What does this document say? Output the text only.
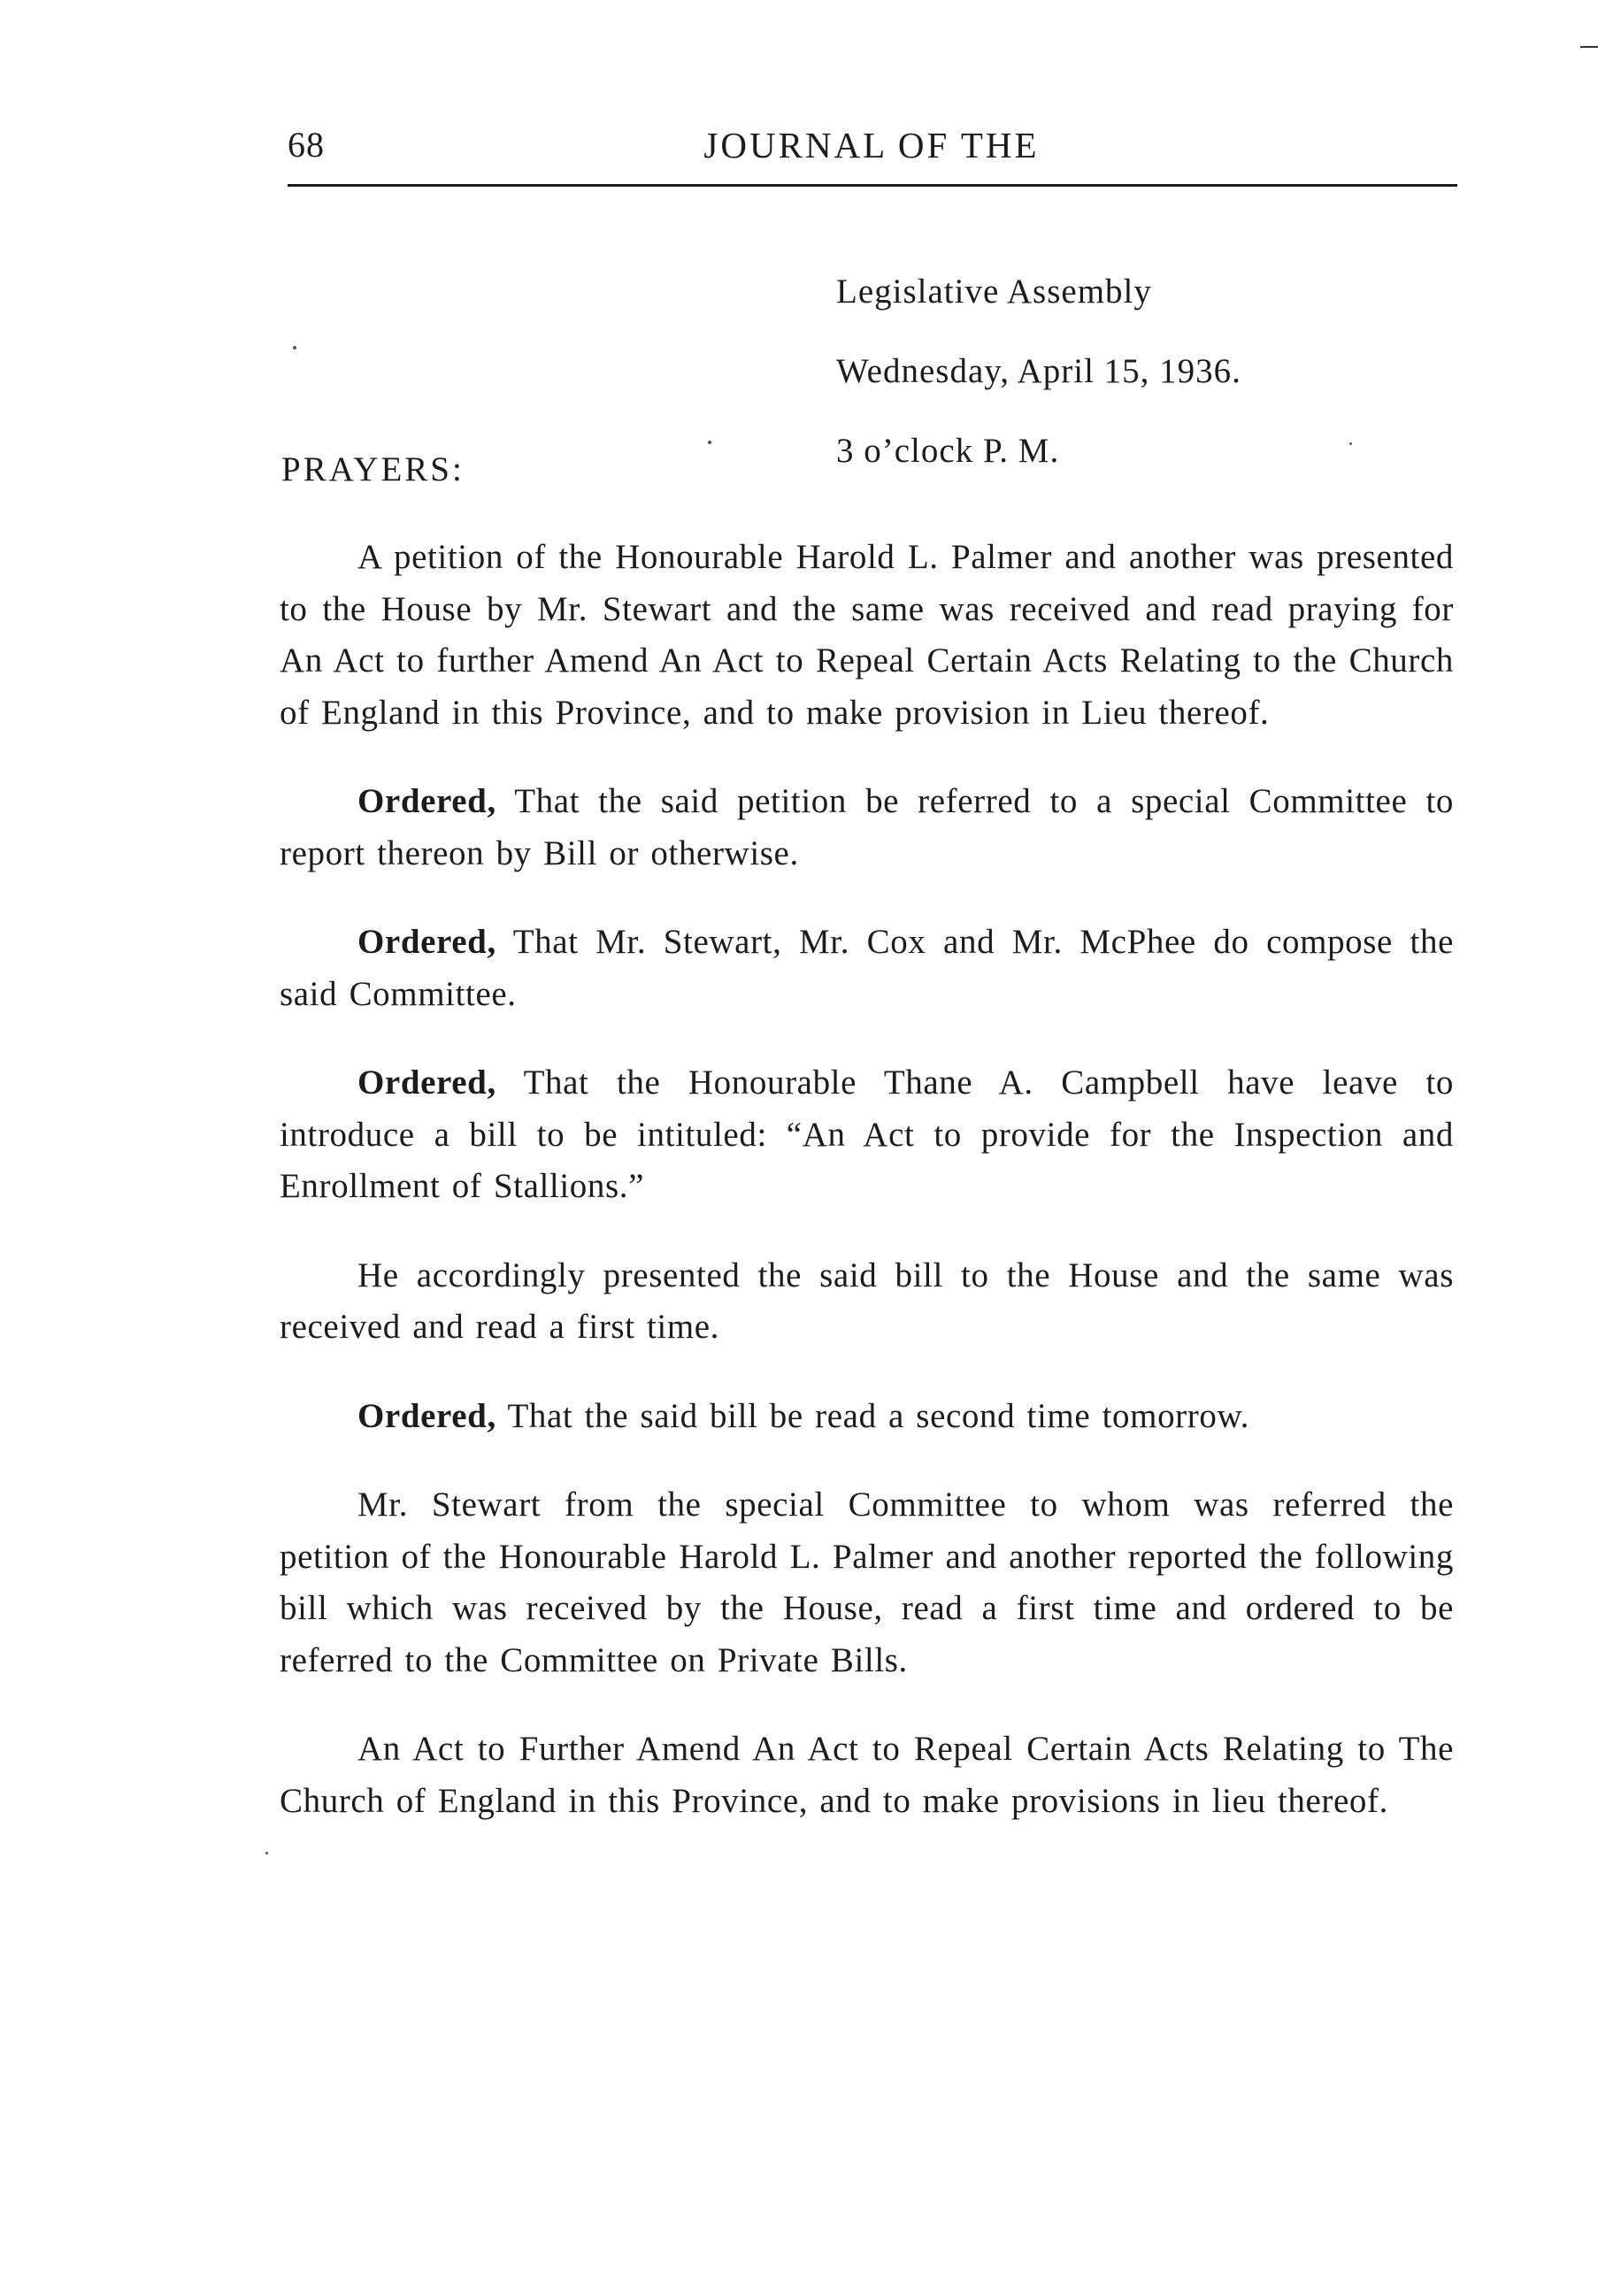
68	JOURNAL OF THE
Legislative Assembly
Wednesday, April 15, 1936.
3 o’clock P. M.
PRAYERS:

A petition of the Honourable Harold L. Palmer and another was presented to the House by Mr. Stewart and the same was received and read praying for An Act to further Amend An Act to Repeal Certain Acts Relating to the Church of England in this Province, and to make provision in Lieu thereof.

Ordered, That the said petition be referred to a special Committee to report thereon by Bill or otherwise.

Ordered, That Mr. Stewart, Mr. Cox and Mr. McPhee do compose the said Committee.

Ordered, That the Honourable Thane A. Campbell have leave to introduce a bill to be intituled: “An Act to provide for the Inspection and Enrollment of Stallions.”

He accordingly presented the said bill to the House and the same was received and read a first time.

Ordered, That the said bill be read a second time tomorrow.

Mr. Stewart from the special Committee to whom was referred the petition of the Honourable Harold L. Palmer and another reported the following bill which was received by the House, read a first time and ordered to be referred to the Committee on Private Bills.

An Act to Further Amend An Act to Repeal Certain Acts Relating to The Church of England in this Province, and to make provisions in lieu thereof.
